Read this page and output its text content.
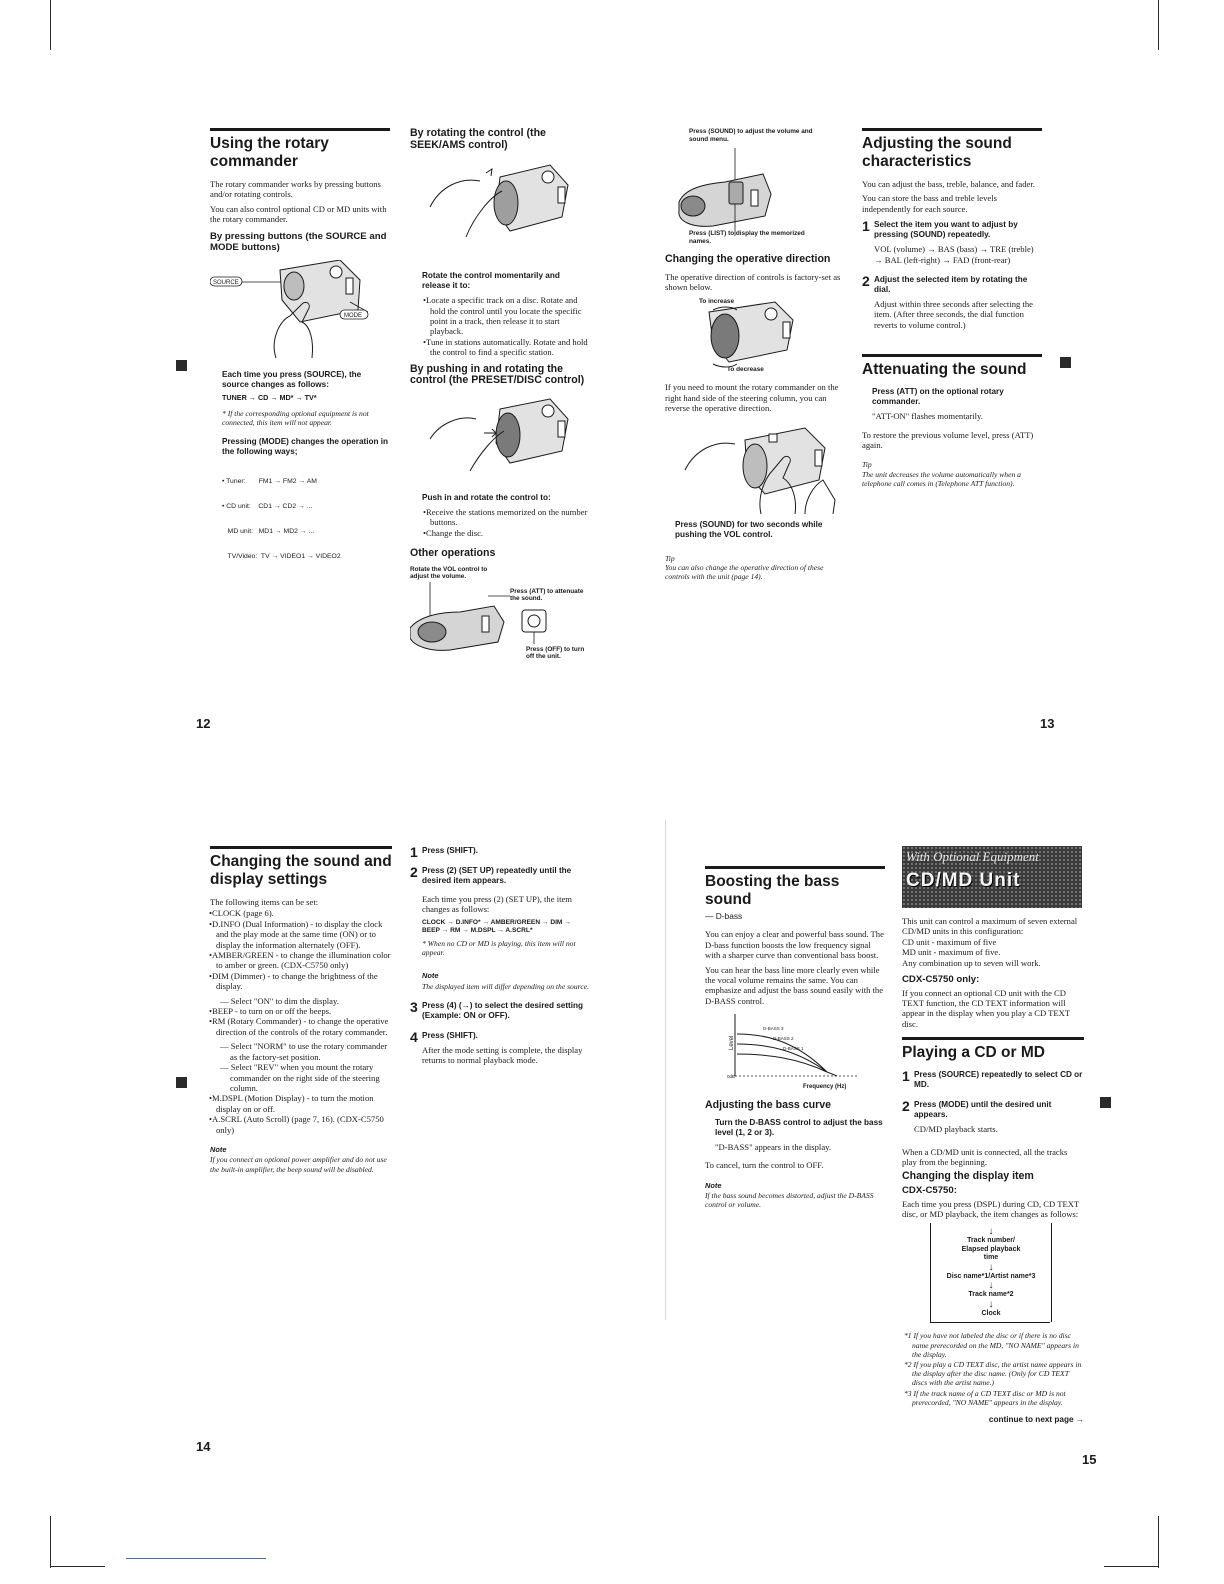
12	13
14
15
Using the rotary commander

The rotary commander works by pressing buttons and/or rotating controls.

You can also control optional CD or MD units with the rotary commander.

By pressing buttons (the SOURCE and MODE buttons)
SOURCE
MODE

Each time you press (SOURCE), the source changes as follows:

TUNER → CD → MD* → TV*

* If the corresponding optional equipment is not connected, this item will not appear.

Pressing (MODE) changes the operation in the following ways;

• Tuner:       FM1 → FM2 → AM

• CD unit:    CD1 → CD2 → ...

MD unit:   MD1 → MD2 → ...

TV/Video:  TV → VIDEO1 → VIDEO2

By rotating the control (the SEEK/AMS control)

Rotate the control momentarily and release it to:

• Locate a specific track on a disc. Rotate and hold the control until you locate the specific point in a track, then release it to start playback.
• Tune in stations automatically. Rotate and hold the control to find a specific station.
By pushing in and rotating the control (the PRESET/DISC control)

Push in and rotate the control to:

• Receive the stations memorized on the number buttons.
• Change the disc.
Other operations
Rotate the VOL control to adjust the volume.
Press (ATT) to attenuate the sound.
Press (OFF) to turn off the unit.
Press (SOUND) to adjust the volume and sound menu.
Press (LIST) to display the memorized names.
Changing the operative direction

The operative direction of controls is factory-set as shown below.

To increase
To decrease

If you need to mount the rotary commander on the right hand side of the steering column, you can reverse the operative direction.

Press (SOUND) for two seconds while pushing the VOL control.

Tip

You can also change the operative direction of these controls with the unit (page 14).

Adjusting the sound characteristics

You can adjust the bass, treble, balance, and fader.

You can store the bass and treble levels independently for each source.

1 Select the item you want to adjust by pressing (SOUND) repeatedly.

VOL (volume) → BAS (bass) → TRE (treble) → BAL (left-right) → FAD (front-rear)

2 Adjust the selected item by rotating the dial.

Adjust within three seconds after selecting the item. (After three seconds, the dial function reverts to volume control.)

Attenuating the sound

Press (ATT) on the optional rotary commander.

"ATT-ON" flashes momentarily.

To restore the previous volume level, press (ATT) again.

Tip

The unit decreases the volume automatically when a telephone call comes in (Telephone ATT function).

Changing the sound and display settings

The following items can be set:

• CLOCK (page 6).
• D.INFO (Dual Information) - to display the clock and the play mode at the same time (ON) or to display the information alternately (OFF).
• AMBER/GREEN - to change the illumination color to amber or green. (CDX-C5750 only)
• DIM (Dimmer) - to change the brightness of the display.

— Select "ON" to dim the display.

• BEEP - to turn on or off the beeps.
• RM (Rotary Commander) - to change the operative direction of the controls of the rotary commander.

— Select "NORM" to use the rotary commander as the factory-set position.

— Select "REV" when you mount the rotary commander on the right side of the steering column.

• M.DSPL (Motion Display) - to turn the motion display on or off.
• A.SCRL (Auto Scroll) (page 7, 16). (CDX-C5750 only)

Note

If you connect an optional power amplifier and do not use the built-in amplifier, the beep sound will be disabled.

1 Press (SHIFT).

2 Press (2) (SET UP) repeatedly until the desired item appears.

Each time you press (2) (SET UP), the item changes as follows:

CLOCK → D.INFO* → AMBER/GREEN → DIM → BEEP → RM → M.DSPL → A.SCRL*

* When no CD or MD is playing, this item will not appear.

Note

The displayed item will differ depending on the source.

3 Press (4) (→) to select the desired setting (Example: ON or OFF).

4 Press (SHIFT).

After the mode setting is complete, the display returns to normal playback mode.

Boosting the bass sound

— D-bass

You can enjoy a clear and powerful bass sound. The D-bass function boosts the low frequency signal with a sharper curve than conventional bass boost.

You can hear the bass line more clearly even while the vocal volume remains the same. You can emphasize and adjust the bass sound easily with the D-BASS control.

Level
D-BASS 3
D-BASS 2
D-BASS 1
0dB
Frequency (Hz)
Adjusting the bass curve

Turn the D-BASS control to adjust the bass level (1, 2 or 3).

"D-BASS" appears in the display.

To cancel, turn the control to OFF.

Note

If the bass sound becomes distorted, adjust the D-BASS control or volume.

With Optional Equipment
CD/MD Unit

This unit can control a maximum of seven external CD/MD units in this configuration:

CD unit - maximum of five

MD unit - maximum of five.

Any combination up to seven will work.

CDX-C5750 only:

If you connect an optional CD unit with the CD TEXT function, the CD TEXT information will appear in the display when you play a CD TEXT disc.

Playing a CD or MD
1 Press (SOURCE) repeatedly to select CD or MD.

2 Press (MODE) until the desired unit appears.

CD/MD playback starts.

When a CD/MD unit is connected, all the tracks play from the beginning.

Changing the display item
CDX-C5750:

Each time you press (DSPL) during CD, CD TEXT disc, or MD playback, the item changes as follows:

↓
Track number/ Elapsed playback time
↓
Disc name*1/Artist name*3
↓
Track name*2
↓
Clock

*1 If you have not labeled the disc or if there is no disc name prerecorded on the MD, "NO NAME" appears in the display.

*2 If you play a CD TEXT disc, the artist name appears in the display after the disc name. (Only for CD TEXT discs with the artist name.)

*3 If the track name of a CD TEXT disc or MD is not prerecorded, "NO NAME" appears in the display.

continue to next page →
